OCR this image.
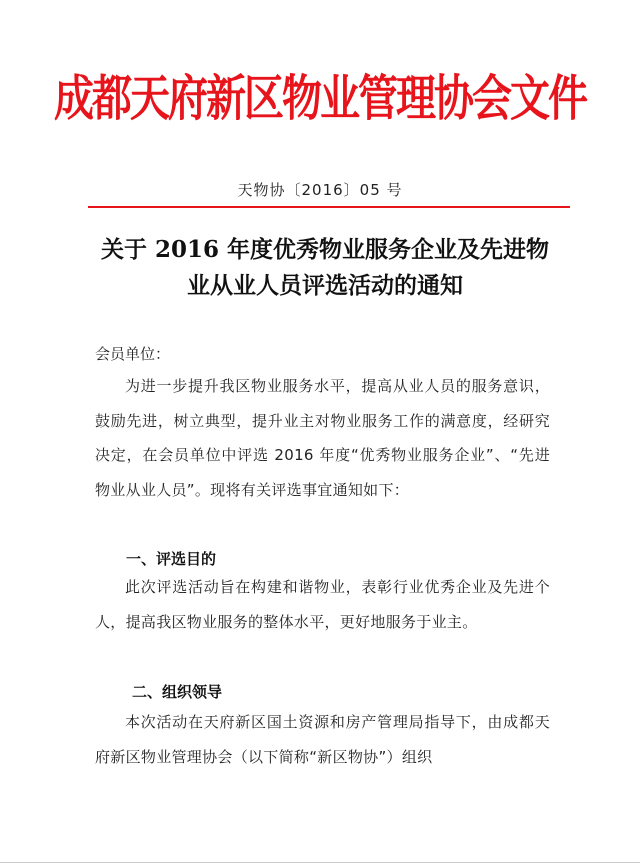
成都天府新区物业管理协会文件
天物协〔2016〕05 号
关于 2016 年度优秀物业服务企业及先进物业从业人员评选活动的通知
会员单位：
为进一步提升我区物业服务水平，提高从业人员的服务意识，鼓励先进，树立典型，提升业主对物业服务工作的满意度，经研究决定，在会员单位中评选 2016 年度“优秀物业服务企业”、“先进物业从业人员”。现将有关评选事宜通知如下：
一、评选目的
此次评选活动旨在构建和谐物业，表彰行业优秀企业及先进个人，提高我区物业服务的整体水平，更好地服务于业主。
二、组织领导
本次活动在天府新区国土资源和房产管理局指导下，由成都天府新区物业管理协会（以下简称“新区物协”）组织
